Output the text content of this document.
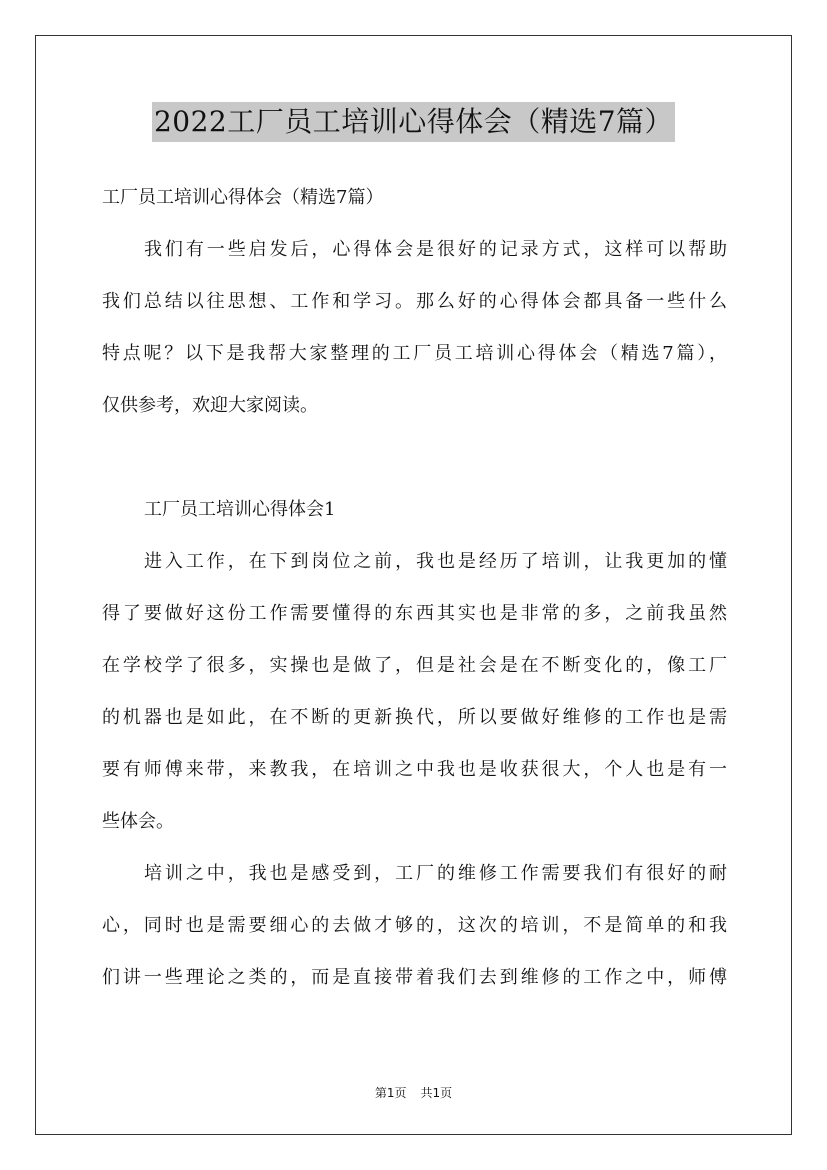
2022工厂员工培训心得体会（精选7篇）
工厂员工培训心得体会（精选7篇）
我们有一些启发后，心得体会是很好的记录方式，这样可以帮助
我们总结以往思想、工作和学习。那么好的心得体会都具备一些什么
特点呢？以下是我帮大家整理的工厂员工培训心得体会（精选7篇），
仅供参考，欢迎大家阅读。
工厂员工培训心得体会1
进入工作，在下到岗位之前，我也是经历了培训，让我更加的懂
得了要做好这份工作需要懂得的东西其实也是非常的多，之前我虽然
在学校学了很多，实操也是做了，但是社会是在不断变化的，像工厂
的机器也是如此，在不断的更新换代，所以要做好维修的工作也是需
要有师傅来带，来教我，在培训之中我也是收获很大，个人也是有一
些体会。
培训之中，我也是感受到，工厂的维修工作需要我们有很好的耐
心，同时也是需要细心的去做才够的，这次的培训，不是简单的和我
们讲一些理论之类的，而是直接带着我们去到维修的工作之中，师傅
第1页 共1页
